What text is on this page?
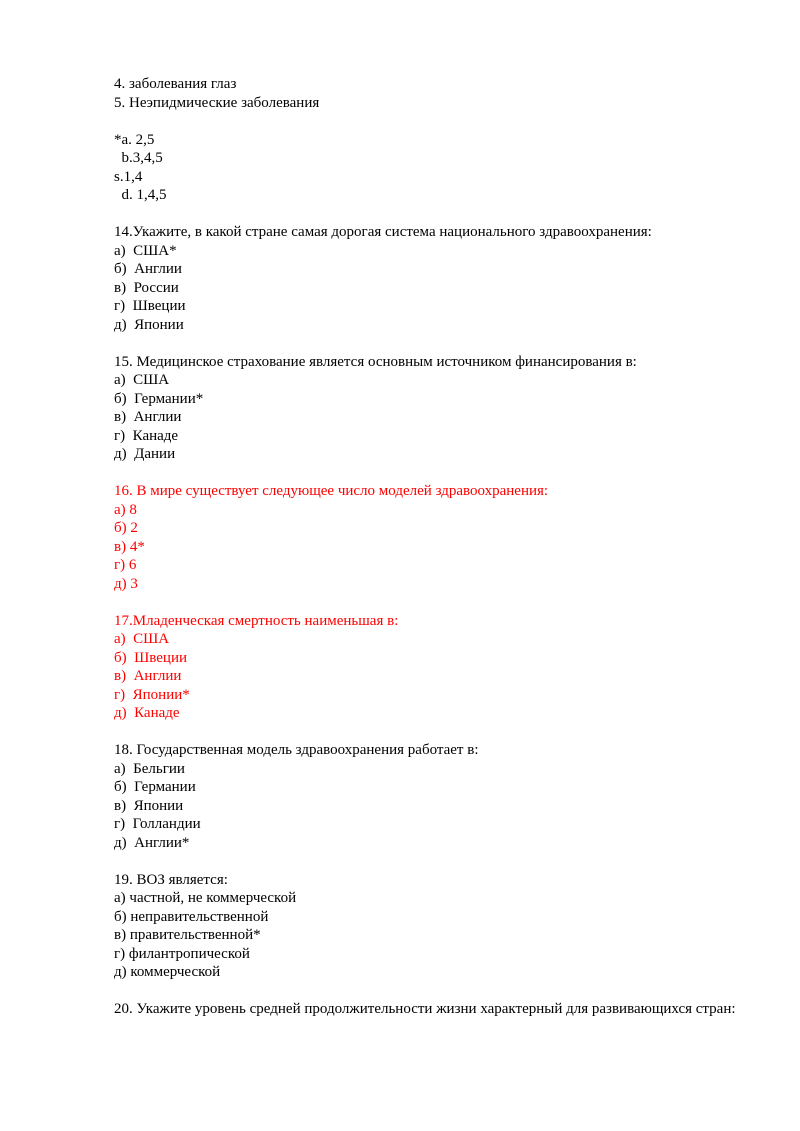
4. заболевания глаз
5. Неэпидмические заболевания
*a. 2,5
b.3,4,5
s.1,4
d. 1,4,5
14.Укажите, в какой стране самая дорогая система национального здравоохранения:
а)  США*
б)  Англии
в)  России
г)  Швеции
д)  Японии
15. Медицинское страхование является основным источником финансирования в:
а)  США
б)  Германии*
в)  Англии
г)  Канаде
д)  Дании
16. В мире существует следующее число моделей здравоохранения:
а) 8
б) 2
в) 4*
г) 6
д) 3
17.Младенческая смертность наименьшая в:
а)  США
б)  Швеции
в)  Англии
г)  Японии*
д)  Канаде
18. Государственная модель здравоохранения работает в:
а)  Бельгии
б)  Германии
в)  Японии
г)  Голландии
д)  Англии*
19. ВОЗ является:
а) частной, не коммерческой
б) неправительственной
в) правительственной*
г) филантропической
д) коммерческой
20. Укажите уровень средней продолжительности жизни характерный для развивающихся стран:
